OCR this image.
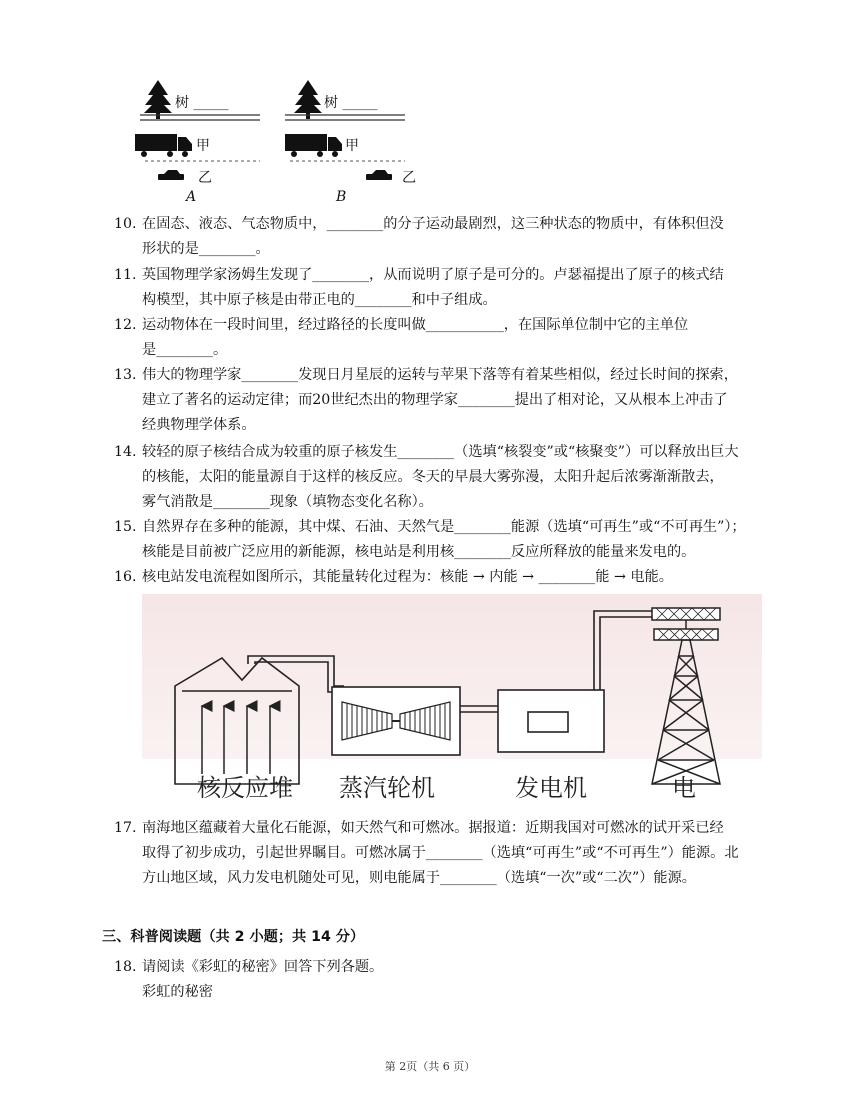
树 _____
甲
乙
A
树 _____
甲
乙
B
10. 在固态、液态、气态物质中，________的分子运动最剧烈，这三种状态的物质中，有体积但没
形状的是________。
11. 英国物理学家汤姆生发现了________，从而说明了原子是可分的。卢瑟福提出了原子的核式结
构模型，其中原子核是由带正电的________和中子组成。
12. 运动物体在一段时间里，经过路径的长度叫做___________，在国际单位制中它的主单位
是________。
13. 伟大的物理学家________发现日月星辰的运转与苹果下落等有着某些相似，经过长时间的探索，
建立了著名的运动定律；而20世纪杰出的物理学家________提出了相对论，又从根本上冲击了
经典物理学体系。
14. 较轻的原子核结合成为较重的原子核发生________（选填“核裂变”或“核聚变”）可以释放出巨大
的核能，太阳的能量源自于这样的核反应。冬天的早晨大雾弥漫，太阳升起后浓雾渐渐散去，
雾气消散是________现象（填物态变化名称）。
15. 自然界存在多种的能源，其中煤、石油、天然气是________能源（选填“可再生”或“不可再生”）；
核能是目前被广泛应用的新能源，核电站是利用核________反应所释放的能量来发电的。
16. 核电站发电流程如图所示，其能量转化过程为：核能 → 内能 → ________能 → 电能。
核反应堆 蒸汽轮机	发电机	电
17. 南海地区蕴藏着大量化石能源，如天然气和可燃冰。据报道：近期我国对可燃冰的试开采已经
取得了初步成功，引起世界瞩目。可燃冰属于________（选填“可再生”或“不可再生”）能源。北
方山地区域，风力发电机随处可见，则电能属于________（选填“一次”或“二次”）能源。
三、科普阅读题（共 2 小题；共 14 分）
18. 请阅读《彩虹的秘密》回答下列各题。
彩虹的秘密
第 2页（共 6 页）
